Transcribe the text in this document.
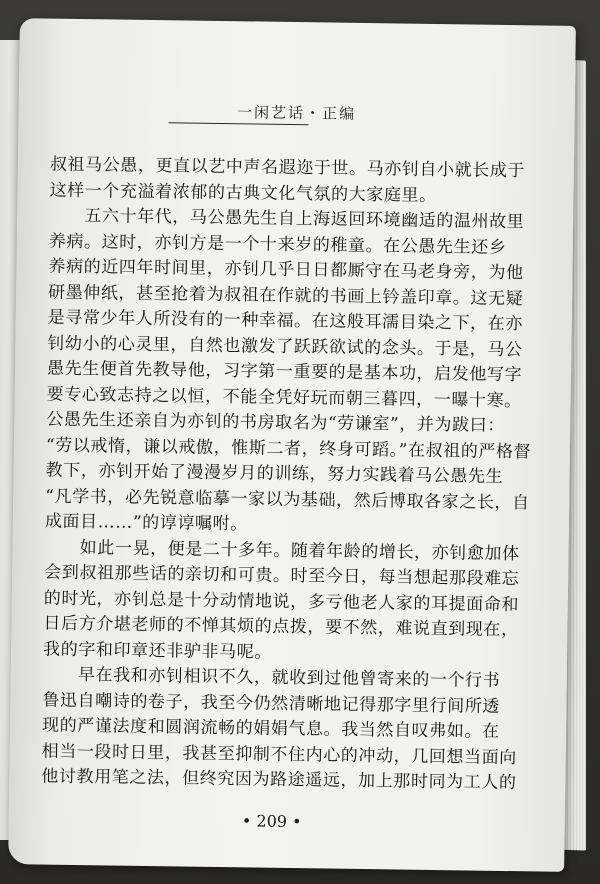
一闲艺话・正编
叔祖马公愚，更直以艺中声名遐迩于世。马亦钊自小就长成于
这样一个充溢着浓郁的古典文化气氛的大家庭里。
　　五六十年代，马公愚先生自上海返回环境幽适的温州故里
养病。这时，亦钊方是一个十来岁的稚童。在公愚先生还乡
养病的近四年时间里，亦钊几乎日日都厮守在马老身旁，为他
研墨伸纸，甚至抢着为叔祖在作就的书画上钤盖印章。这无疑
是寻常少年人所没有的一种幸福。在这般耳濡目染之下，在亦
钊幼小的心灵里，自然也激发了跃跃欲试的念头。于是，马公
愚先生便首先教导他，习字第一重要的是基本功，启发他写字
要专心致志持之以恒，不能全凭好玩而朝三暮四，一曝十寒。
公愚先生还亲自为亦钊的书房取名为“劳谦室”，并为跋曰：
“劳以戒惰，谦以戒傲，惟斯二者，终身可蹈。”在叔祖的严格督
教下，亦钊开始了漫漫岁月的训练，努力实践着马公愚先生
“凡学书，必先锐意临摹一家以为基础，然后博取各家之长，自
成面目……”的谆谆嘱咐。
　　如此一晃，便是二十多年。随着年龄的增长，亦钊愈加体
会到叔祖那些话的亲切和可贵。时至今日，每当想起那段难忘
的时光，亦钊总是十分动情地说，多亏他老人家的耳提面命和
日后方介堪老师的不惮其烦的点拨，要不然，难说直到现在，
我的字和印章还非驴非马呢。
　　早在我和亦钊相识不久，就收到过他曾寄来的一个行书
鲁迅自嘲诗的卷子，我至今仍然清晰地记得那字里行间所透
现的严谨法度和圆润流畅的娟娟气息。我当然自叹弗如。在
相当一段时日里，我甚至抑制不住内心的冲动，几回想当面向
他讨教用笔之法，但终究因为路途遥远，加上那时同为工人的
• 209 •
